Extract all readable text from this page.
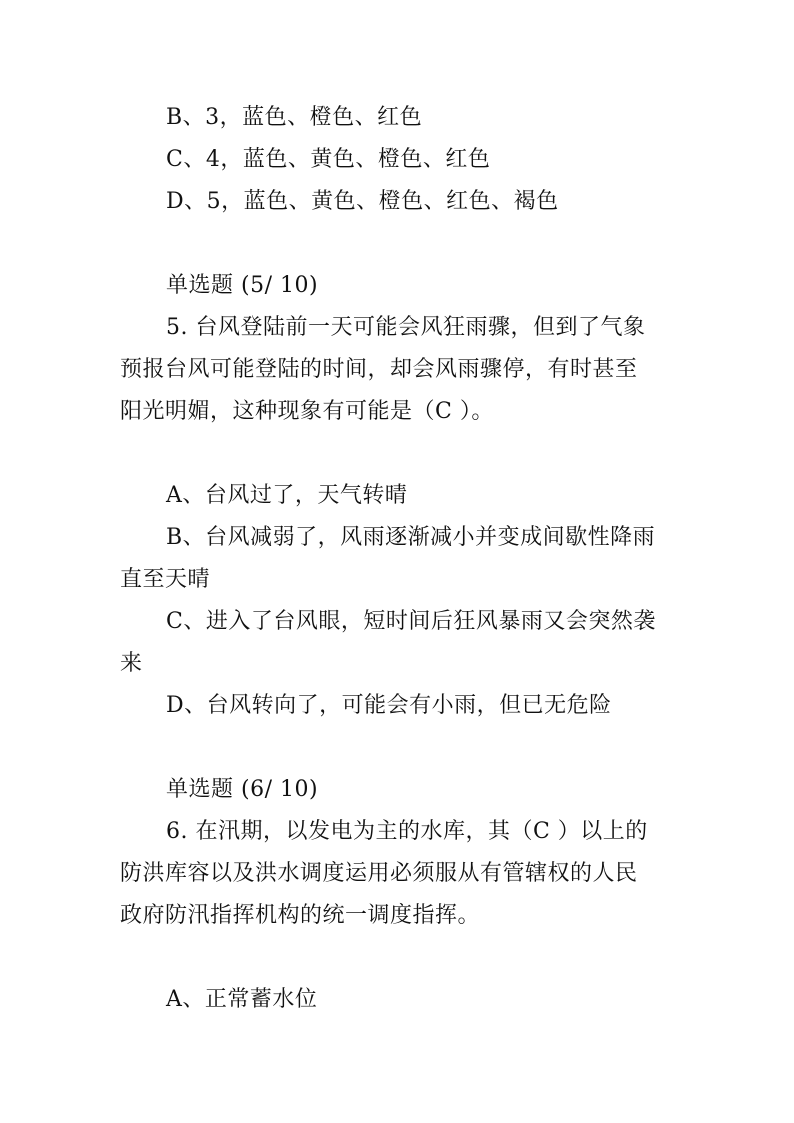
B、3，蓝色、橙色、红色
C、4，蓝色、黄色、橙色、红色
D、5，蓝色、黄色、橙色、红色、褐色
单选题 (5/ 10)
5. 台风登陆前一天可能会风狂雨骤，但到了气象
预报台风可能登陆的时间，却会风雨骤停，有时甚至
阳光明媚，这种现象有可能是（C ）。
A、台风过了，天气转晴
B、台风减弱了，风雨逐渐减小并变成间歇性降雨
直至天晴
C、进入了台风眼，短时间后狂风暴雨又会突然袭
来
D、台风转向了，可能会有小雨，但已无危险
单选题 (6/ 10)
6. 在汛期，以发电为主的水库，其（C ）以上的
防洪库容以及洪水调度运用必须服从有管辖权的人民
政府防汛指挥机构的统一调度指挥。
A、正常蓄水位
